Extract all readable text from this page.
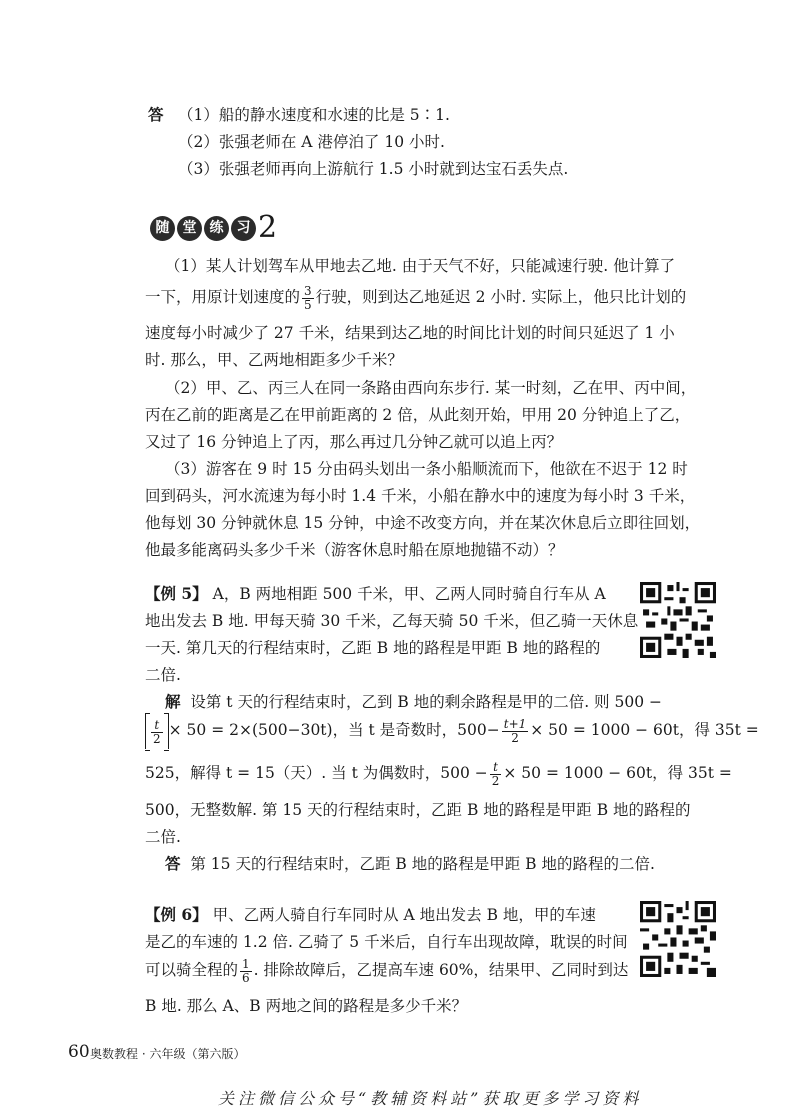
答 （1）船的静水速度和水速的比是 5∶1.
（2）张强老师在 A 港停泊了 10 小时.
（3）张强老师再向上游航行 1.5 小时就到达宝石丢失点.
随 堂 练 习 2
（1）某人计划驾车从甲地去乙地. 由于天气不好，只能减速行驶. 他计算了
一下，用原计划速度的 $\frac{3}{5}$ 行驶，则到达乙地延迟 2 小时. 实际上，他只比计划的
速度每小时减少了 27 千米，结果到达乙地的时间比计划的时间只延迟了 1 小
时. 那么，甲、乙两地相距多少千米？
（2）甲、乙、丙三人在同一条路由西向东步行. 某一时刻，乙在甲、丙中间，
丙在乙前的距离是乙在甲前距离的 2 倍，从此刻开始，甲用 20 分钟追上了乙，
又过了 16 分钟追上了丙，那么再过几分钟乙就可以追上丙？
（3）游客在 9 时 15 分由码头划出一条小船顺流而下，他欲在不迟于 12 时
回到码头，河水流速为每小时 1.4 千米，小船在静水中的速度为每小时 3 千米，
他每划 30 分钟就休息 15 分钟，中途不改变方向，并在某次休息后立即往回划，
他最多能离码头多少千米（游客休息时船在原地抛锚不动）？
【例 5】 A，B 两地相距 500 千米，甲、乙两人同时骑自行车从 A
地出发去 B 地. 甲每天骑 30 千米，乙每天骑 50 千米，但乙骑一天休息
一天. 第几天的行程结束时，乙距 B 地的路程是甲距 B 地的路程的
二倍.
解 设第 t 天的行程结束时，乙到 B 地的剩余路程是甲的二倍. 则 500 −
$\frac{t}{2} \times 50 = 2\times(500-30t)$，当 t 是奇数时，$500- \frac{t+1}{2} \times 50 = 1000 - 60t$，得 35t =
525，解得 t = 15（天）. 当 t 为偶数时，$500 - \frac{t}{2} \times 50 = 1000 - 60t$，得 35t =
500，无整数解. 第 15 天的行程结束时，乙距 B 地的路程是甲距 B 地的路程的
二倍.
答 第 15 天的行程结束时，乙距 B 地的路程是甲距 B 地的路程的二倍.
【例 6】 甲、乙两人骑自行车同时从 A 地出发去 B 地，甲的车速
是乙的车速的 1.2 倍. 乙骑了 5 千米后，自行车出现故障，耽误的时间
可以骑全程的 $\frac{1}{6}$ . 排除故障后，乙提高车速 60%，结果甲、乙同时到达
B 地. 那么 A、B 两地之间的路程是多少千米？
60 奥数教程 · 六年级（第六版）
关注微信公众号“教辅资料站”获取更多学习资料
